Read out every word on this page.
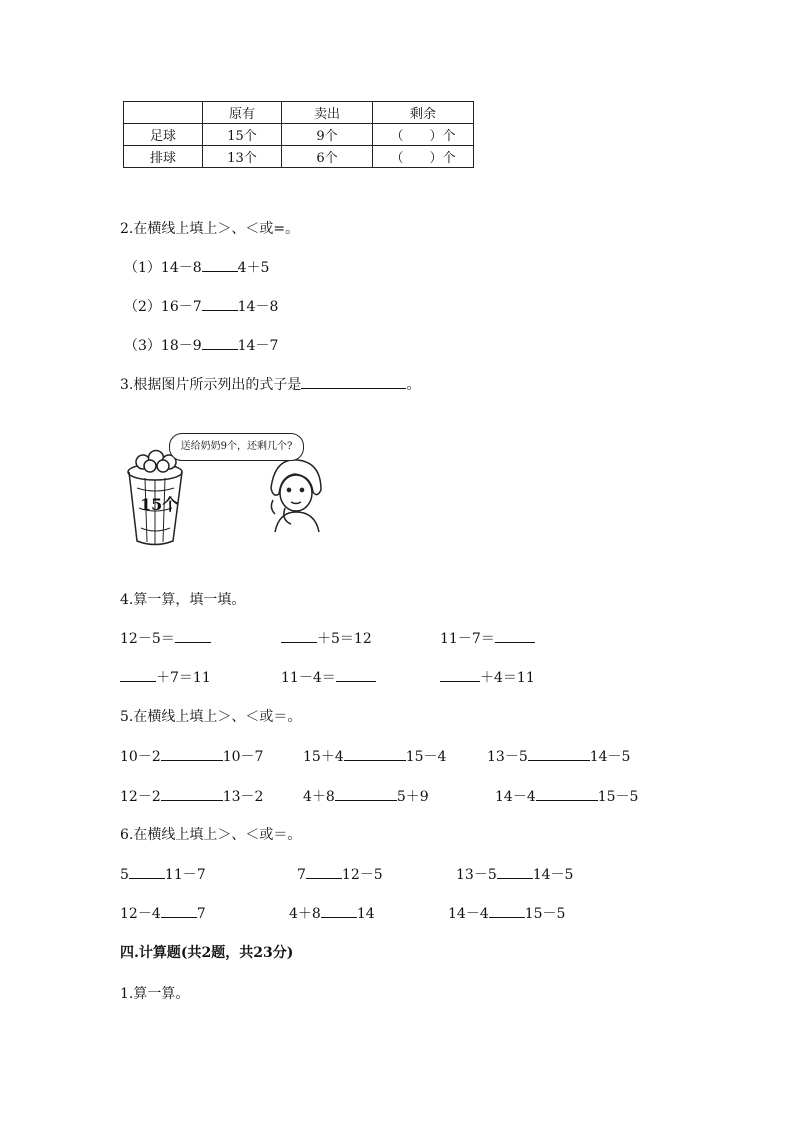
	原有	卖出	剩余
足球	15个	9个	（　　）个
排球	13个	6个	（　　）个
2.在横线上填上＞、＜或=。
（1）14－8	4＋5
（2）16－7	14－8
（3）18－9	14－7
3.根据图片所示列出的式子是	。
送给奶奶9个，还剩几个?
15个
4.算一算，填一填。
12－5＝	＋5＝12	11－7＝
＋7＝11	11－4＝	＋4＝11
5.在横线上填上＞、＜或＝。
10－2	10－7	15＋4	15－4	13－5	14－5
12－2	13－2	4＋8	5＋9	14－4	15－5
6.在横线上填上＞、＜或＝。
5	11－7	7	12－5	13－5	14－5
12－4	7	4＋8	14	14－4	15－5
四.计算题(共2题，共23分)
1.算一算。
